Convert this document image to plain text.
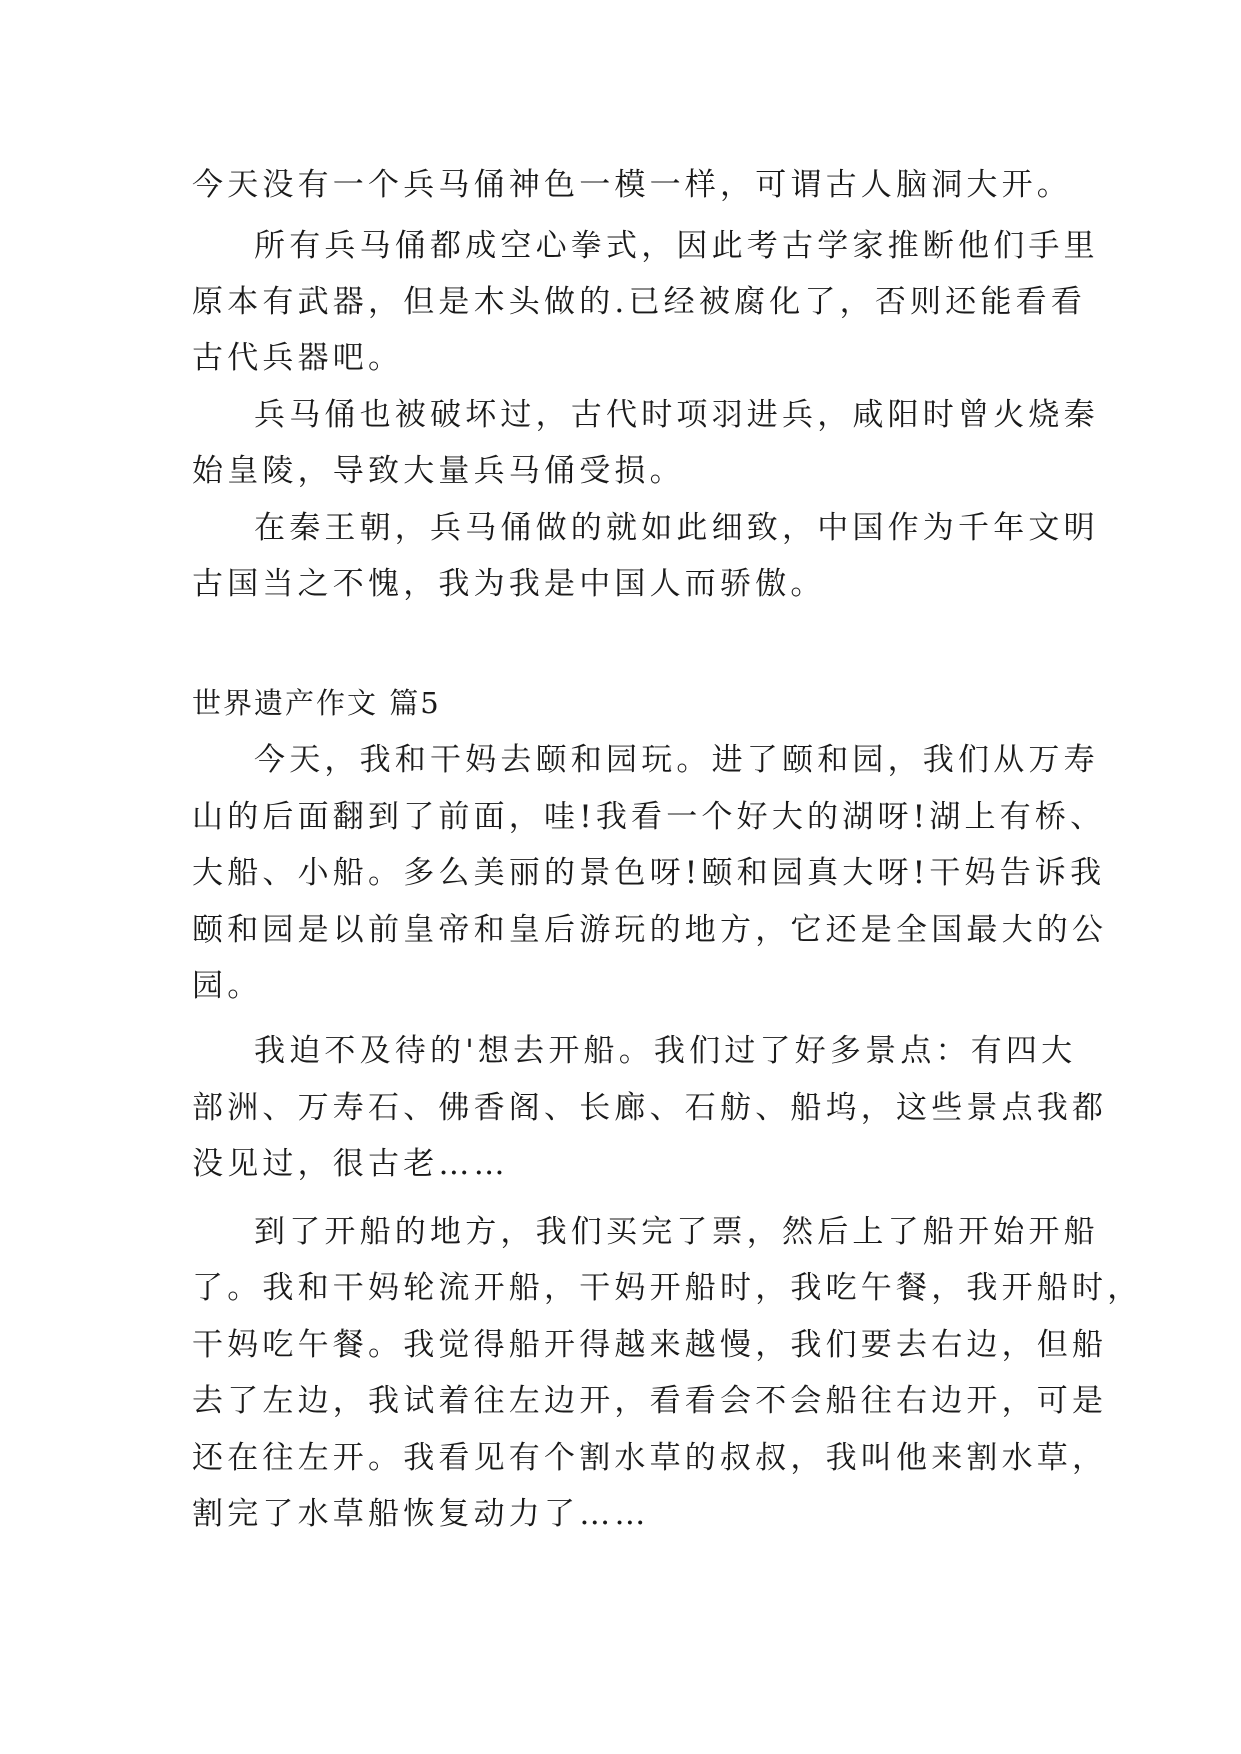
今天没有一个兵马俑神色一模一样，可谓古人脑洞大开。
所有兵马俑都成空心拳式，因此考古学家推断他们手里
原本有武器，但是木头做的.已经被腐化了，否则还能看看
古代兵器吧。
兵马俑也被破坏过，古代时项羽进兵，咸阳时曾火烧秦
始皇陵，导致大量兵马俑受损。
在秦王朝，兵马俑做的就如此细致，中国作为千年文明
古国当之不愧，我为我是中国人而骄傲。
世界遗产作文 篇5
今天，我和干妈去颐和园玩。进了颐和园，我们从万寿
山的后面翻到了前面，哇!我看一个好大的湖呀!湖上有桥、
大船、小船。多么美丽的景色呀!颐和园真大呀!干妈告诉我
颐和园是以前皇帝和皇后游玩的地方，它还是全国最大的公
园。
我迫不及待的'想去开船。我们过了好多景点：有四大
部洲、万寿石、佛香阁、长廊、石舫、船坞，这些景点我都
没见过，很古老……
到了开船的地方，我们买完了票，然后上了船开始开船
了。我和干妈轮流开船，干妈开船时，我吃午餐，我开船时，
干妈吃午餐。我觉得船开得越来越慢，我们要去右边，但船
去了左边，我试着往左边开，看看会不会船往右边开，可是
还在往左开。我看见有个割水草的叔叔，我叫他来割水草，
割完了水草船恢复动力了……
